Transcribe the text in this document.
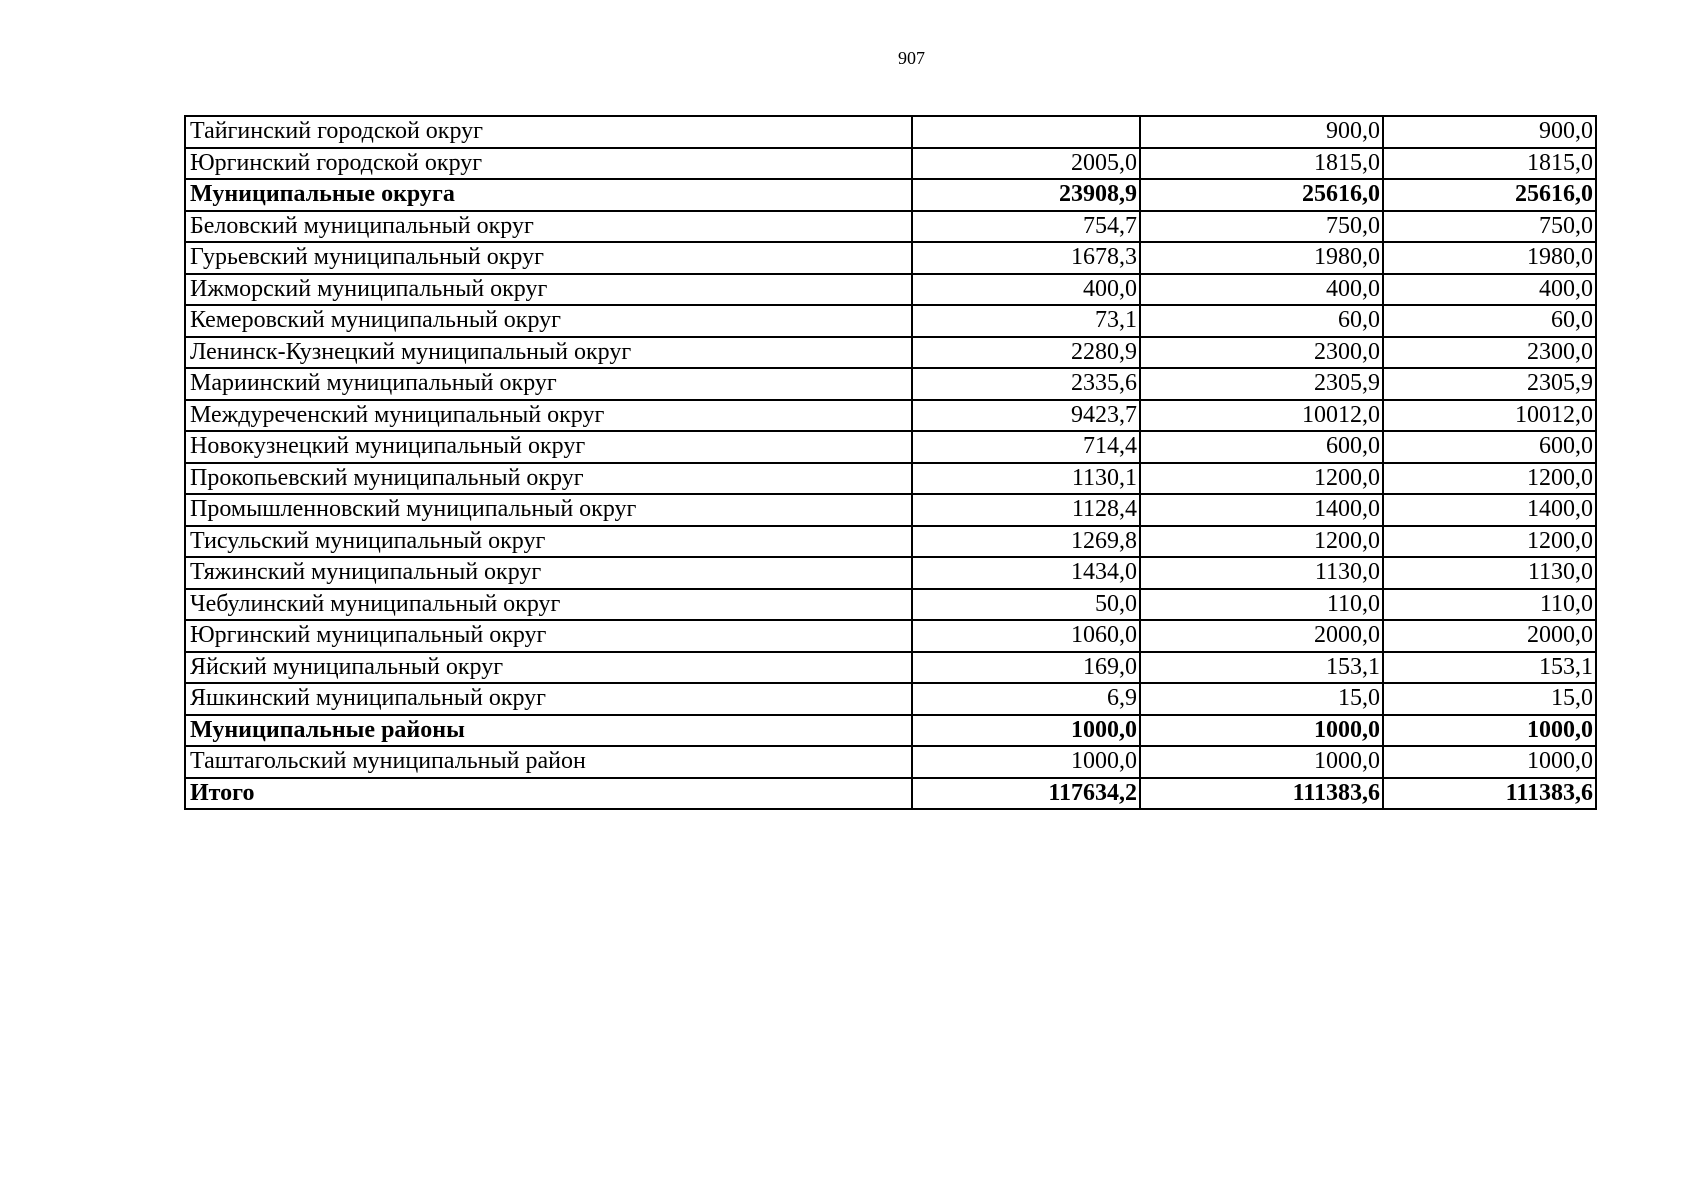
907
Тайгинский городской округ		900,0	900,0
Юргинский городской округ	2005,0	1815,0	1815,0
Муниципальные округа	23908,9	25616,0	25616,0
Беловский муниципальный округ	754,7	750,0	750,0
Гурьевский муниципальный округ	1678,3	1980,0	1980,0
Ижморский муниципальный округ	400,0	400,0	400,0
Кемеровский муниципальный округ	73,1	60,0	60,0
Ленинск-Кузнецкий муниципальный округ	2280,9	2300,0	2300,0
Мариинский муниципальный округ	2335,6	2305,9	2305,9
Междуреченский муниципальный округ	9423,7	10012,0	10012,0
Новокузнецкий муниципальный округ	714,4	600,0	600,0
Прокопьевский муниципальный округ	1130,1	1200,0	1200,0
Промышленновский муниципальный округ	1128,4	1400,0	1400,0
Тисульский муниципальный округ	1269,8	1200,0	1200,0
Тяжинский муниципальный округ	1434,0	1130,0	1130,0
Чебулинский муниципальный округ	50,0	110,0	110,0
Юргинский муниципальный округ	1060,0	2000,0	2000,0
Яйский муниципальный округ	169,0	153,1	153,1
Яшкинский муниципальный округ	6,9	15,0	15,0
Муниципальные районы	1000,0	1000,0	1000,0
Таштагольский муниципальный район	1000,0	1000,0	1000,0
Итого	117634,2	111383,6	111383,6
